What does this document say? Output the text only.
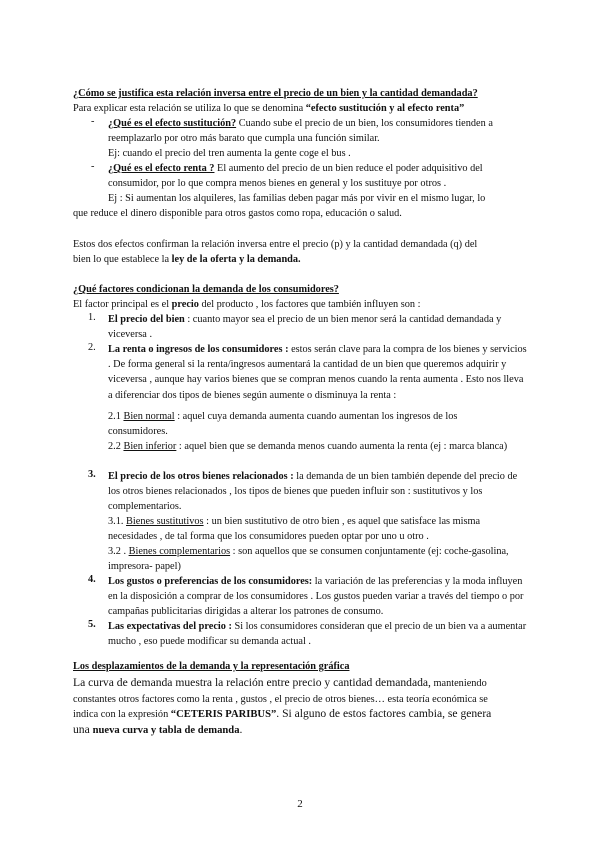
¿Cómo se justifica esta relación inversa entre el precio de un bien y la cantidad demandada?

Para explicar esta relación se utiliza lo que se denomina “efecto sustitución y al efecto renta”

- ¿Qué es el efecto sustitución? Cuando sube el precio de un bien, los consumidores tienden a reemplazarlo por otro más barato que cumpla una función similar.

Ej: cuando el precio del tren aumenta la gente coge el bus .

- ¿Qué es el efecto renta ? El aumento del precio de un bien reduce el poder adquisitivo del consumidor, por lo que compra menos bienes en general y los sustituye por otros .

Ej : Si aumentan los alquileres, las familias deben pagar más por vivir en el mismo lugar, lo

que reduce el dinero disponible para otros gastos como ropa, educación o salud.

Estos dos efectos confirman la relación inversa entre el precio (p) y la cantidad demandada (q) del

bien lo que establece la ley de la oferta y la demanda.

¿Qué factores condicionan la demanda de los consumidores?

El factor principal es el precio del producto , los factores que también influyen son :

1. El precio del bien : cuanto mayor sea el precio de un bien menor será la cantidad demandada y viceversa .

2. La renta o ingresos de los consumidores : estos serán clave para la compra de los bienes y servicios . De forma general si la renta/ingresos aumentará la cantidad de un bien que queremos adquirir y viceversa , aunque hay varios bienes que se compran menos cuando la renta aumenta . Esto nos lleva a diferenciar dos tipos de bienes según aumente o disminuya la renta :

2.1 Bien normal : aquel cuya demanda aumenta cuando aumentan los ingresos de los consumidores.

2.2 Bien inferior : aquel bien que se demanda menos cuando aumenta la renta (ej : marca blanca)

3. El precio de los otros bienes relacionados : la demanda de un bien también depende del precio de los otros bienes relacionados , los tipos de bienes que pueden influir son : sustitutivos y los complementarios.

3.1. Bienes sustitutivos : un bien sustitutivo de otro bien , es aquel que satisface las misma necesidades , de tal forma que los consumidores pueden optar por uno u otro .

3.2 . Bienes complementarios : son aquellos que se consumen conjuntamente (ej: coche-gasolina, impresora- papel)

4. Los gustos o preferencias de los consumidores: la variación de las preferencias y la moda influyen en la disposición a comprar de los consumidores . Los gustos pueden variar a través del tiempo o por campañas publicitarias dirigidas a alterar los patrones de consumo.

5. Las expectativas del precio : Si los consumidores consideran que el precio de un bien va a aumentar mucho , eso puede modificar su demanda actual .

Los desplazamientos de la demanda y la representación gráfica

La curva de demanda muestra la relación entre precio y cantidad demandada, manteniendo

constantes otros factores como la renta , gustos , el precio de otros bienes… esta teoría económica se

indica con la expresión “CETERIS PARIBUS”. Si alguno de estos factores cambia, se genera

una nueva curva y tabla de demanda.

2
